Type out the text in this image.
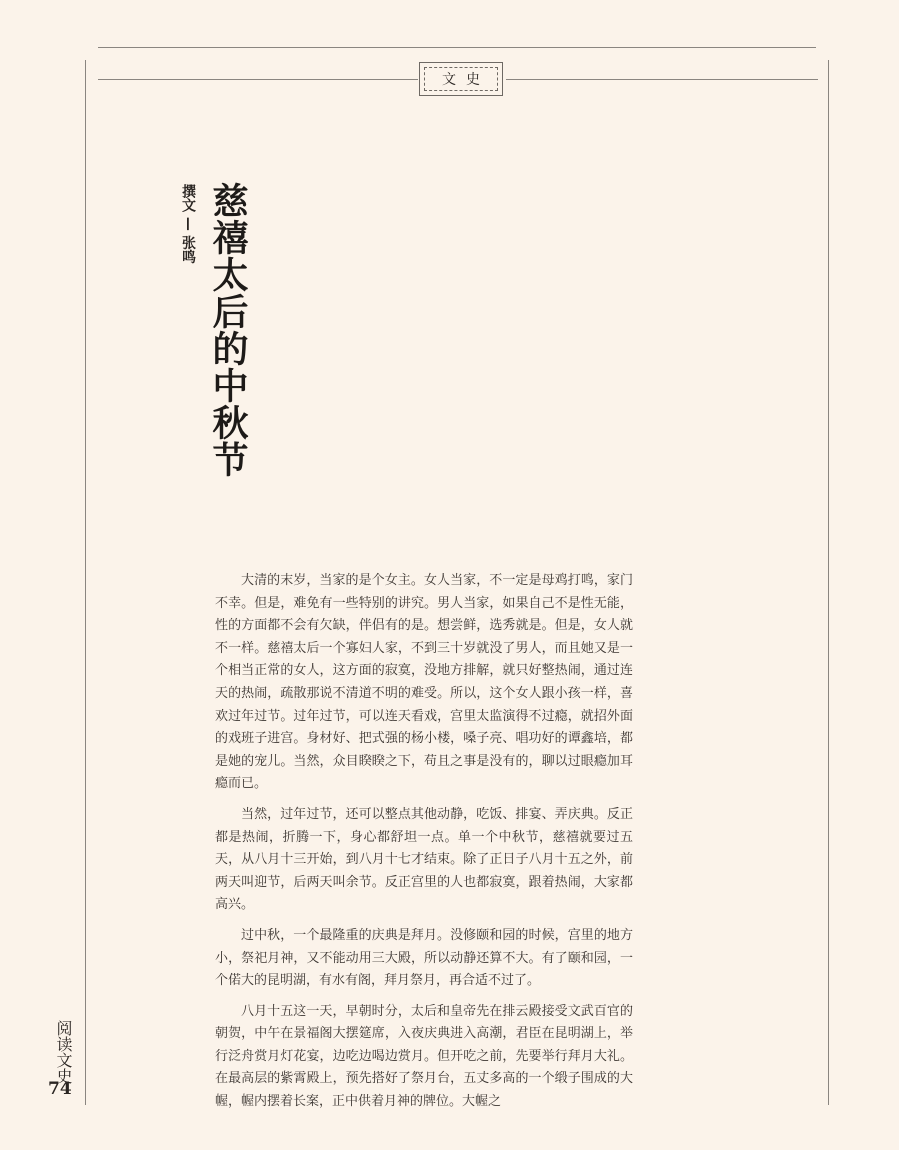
文史
慈禧太后的中秋节
撰文 — 张鸣

大清的末岁，当家的是个女主。女人当家，不一定是母鸡打鸣，家门不幸。但是，难免有一些特别的讲究。男人当家，如果自己不是性无能，性的方面都不会有欠缺，伴侣有的是。想尝鲜，选秀就是。但是，女人就不一样。慈禧太后一个寡妇人家，不到三十岁就没了男人，而且她又是一个相当正常的女人，这方面的寂寞，没地方排解，就只好整热闹，通过连天的热闹，疏散那说不清道不明的难受。所以，这个女人跟小孩一样，喜欢过年过节。过年过节，可以连天看戏，宫里太监演得不过瘾，就招外面的戏班子进宫。身材好、把式强的杨小楼，嗓子亮、唱功好的谭鑫培，都是她的宠儿。当然，众目睽睽之下，苟且之事是没有的，聊以过眼瘾加耳瘾而已。

当然，过年过节，还可以整点其他动静，吃饭、排宴、弄庆典。反正都是热闹，折腾一下，身心都舒坦一点。单一个中秋节，慈禧就要过五天，从八月十三开始，到八月十七才结束。除了正日子八月十五之外，前两天叫迎节，后两天叫余节。反正宫里的人也都寂寞，跟着热闹，大家都高兴。

过中秋，一个最隆重的庆典是拜月。没修颐和园的时候，宫里的地方小，祭祀月神，又不能动用三大殿，所以动静还算不大。有了颐和园，一个偌大的昆明湖，有水有阁，拜月祭月，再合适不过了。

八月十五这一天，早朝时分，太后和皇帝先在排云殿接受文武百官的朝贺，中午在景福阁大摆筵席，入夜庆典进入高潮，君臣在昆明湖上，举行泛舟赏月灯花宴，边吃边喝边赏月。但开吃之前，先要举行拜月大礼。在最高层的紫霄殿上，预先搭好了祭月台，五丈多高的一个缎子围成的大幄，幄内摆着长案，正中供着月神的牌位。大幄之

阅读文史
74
